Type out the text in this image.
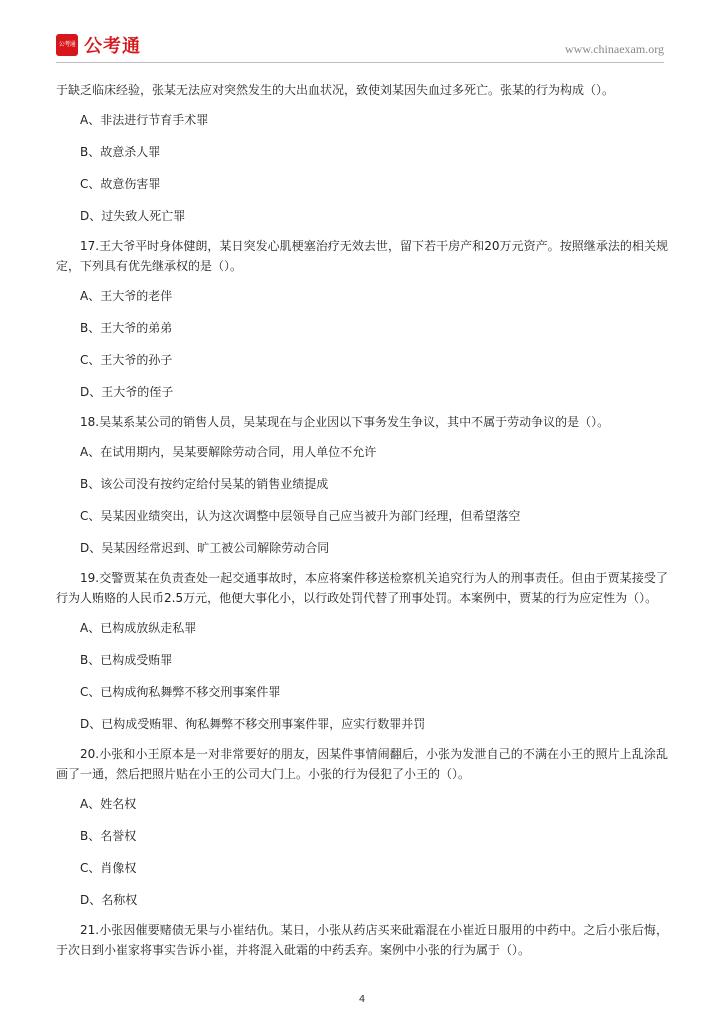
公考通 公考通	www.chinaexam.org

于缺乏临床经验，张某无法应对突然发生的大出血状况，致使刘某因失血过多死亡。张某的行为构成（）。

A、非法进行节育手术罪

B、故意杀人罪

C、故意伤害罪

D、过失致人死亡罪

17.王大爷平时身体健朗，某日突发心肌梗塞治疗无效去世，留下若干房产和20万元资产。按照继承法的相关规定，下列具有优先继承权的是（）。

A、王大爷的老伴

B、王大爷的弟弟

C、王大爷的孙子

D、王大爷的侄子

18.吴某系某公司的销售人员，吴某现在与企业因以下事务发生争议，其中不属于劳动争议的是（）。

A、在试用期内，吴某要解除劳动合同，用人单位不允许

B、该公司没有按约定给付吴某的销售业绩提成

C、吴某因业绩突出，认为这次调整中层领导自己应当被升为部门经理，但希望落空

D、吴某因经常迟到、旷工被公司解除劳动合同

19.交警贾某在负责查处一起交通事故时，本应将案件移送检察机关追究行为人的刑事责任。但由于贾某接受了行为人贿赂的人民币2.5万元，他便大事化小，以行政处罚代替了刑事处罚。本案例中，贾某的行为应定性为（）。

A、已构成放纵走私罪

B、已构成受贿罪

C、已构成徇私舞弊不移交刑事案件罪

D、已构成受贿罪、徇私舞弊不移交刑事案件罪，应实行数罪并罚

20.小张和小王原本是一对非常要好的朋友，因某件事情闹翻后，小张为发泄自己的不满在小王的照片上乱涂乱画了一通，然后把照片贴在小王的公司大门上。小张的行为侵犯了小王的（）。

A、姓名权

B、名誉权

C、肖像权

D、名称权

21.小张因催要赌债无果与小崔结仇。某日，小张从药店买来砒霜混在小崔近日服用的中药中。之后小张后悔，于次日到小崔家将事实告诉小崔，并将混入砒霜的中药丢弃。案例中小张的行为属于（）。

4
